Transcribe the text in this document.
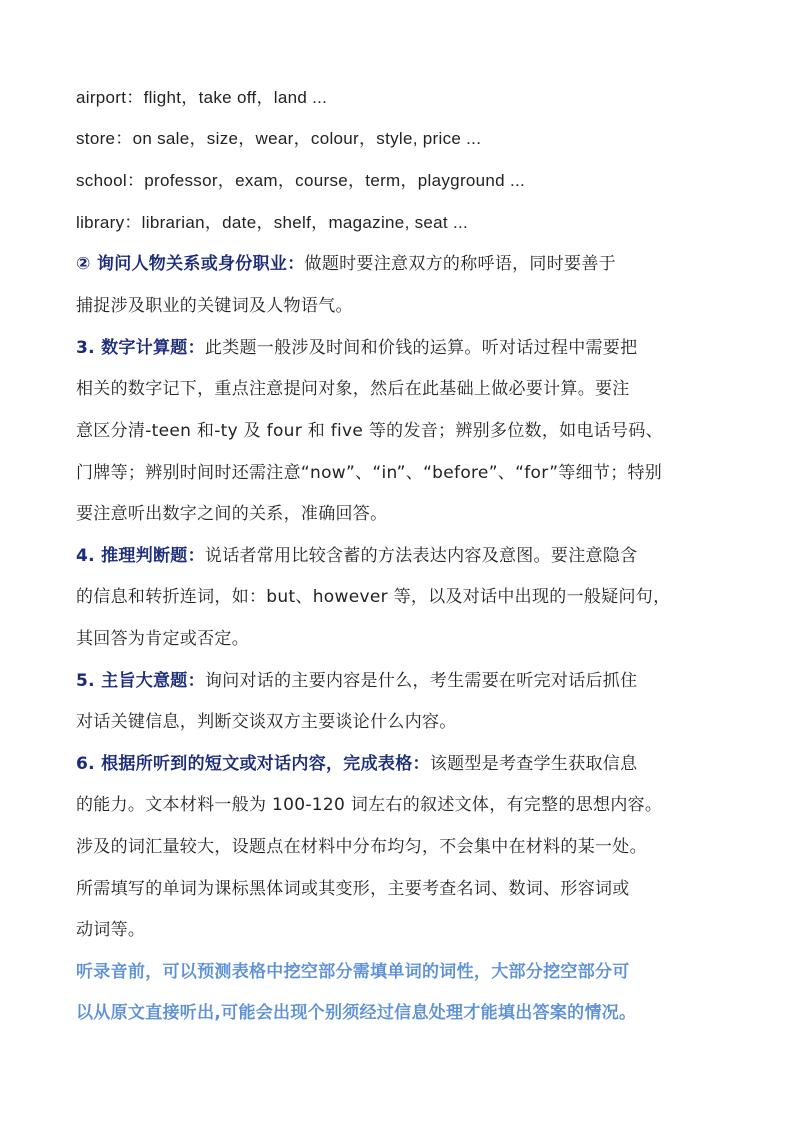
airport：flight，take off，land ...
store：on sale，size，wear，colour，style, price ...
school：professor，exam，course，term，playground ...
library：librarian，date，shelf，magazine, seat ...
② 询问人物关系或身份职业：做题时要注意双方的称呼语，同时要善于
捕捉涉及职业的关键词及人物语气。
3. 数字计算题：此类题一般涉及时间和价钱的运算。听对话过程中需要把
相关的数字记下，重点注意提问对象，然后在此基础上做必要计算。要注
意区分清-teen 和-ty 及 four 和 five 等的发音；辨别多位数，如电话号码、
门牌等；辨别时间时还需注意“now”、“in”、“before”、“for”等细节；特别
要注意听出数字之间的关系，准确回答。
4. 推理判断题：说话者常用比较含蓄的方法表达内容及意图。要注意隐含
的信息和转折连词，如：but、however 等，以及对话中出现的一般疑问句，
其回答为肯定或否定。
5. 主旨大意题：询问对话的主要内容是什么，考生需要在听完对话后抓住
对话关键信息，判断交谈双方主要谈论什么内容。
6. 根据所听到的短文或对话内容，完成表格：该题型是考查学生获取信息
的能力。文本材料一般为 100-120 词左右的叙述文体，有完整的思想内容。
涉及的词汇量较大，设题点在材料中分布均匀，不会集中在材料的某一处。
所需填写的单词为课标黑体词或其变形，主要考查名词、数词、形容词或
动词等。
听录音前，可以预测表格中挖空部分需填单词的词性，大部分挖空部分可
以从原文直接听出,可能会出现个别须经过信息处理才能填出答案的情况。
